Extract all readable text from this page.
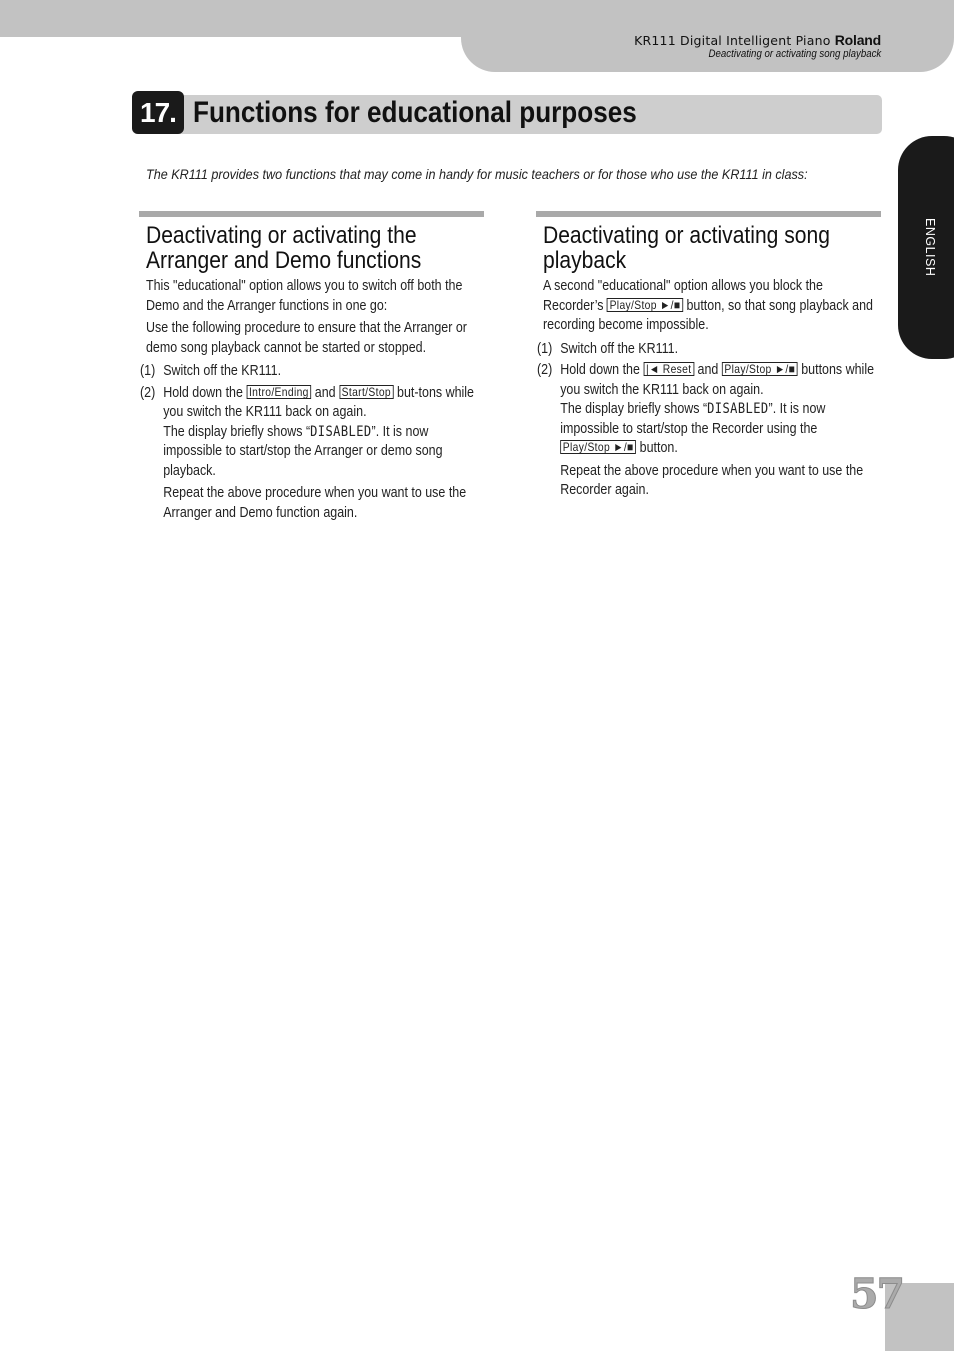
KR111 Digital Intelligent Piano Roland
Deactivating or activating song playback
17. Functions for educational purposes
The KR111 provides two functions that may come in handy for music teachers or for those who use the KR111 in class:
ENGLISH
Deactivating or activating the Arranger and Demo functions
This "educational" option allows you to switch off both the Demo and the Arranger functions in one go:
Use the following procedure to ensure that the Arranger or demo song playback cannot be started or stopped.
(1) Switch off the KR111.
(2) Hold down the Intro/Ending and Start/Stop but-tons while you switch the KR111 back on again.
The display briefly shows “DISABLED”. It is now impossible to start/stop the Arranger or demo song playback.
Repeat the above procedure when you want to use the Arranger and Demo function again.
Deactivating or activating song playback
A second "educational" option allows you block the Recorder’s Play/Stop ►/■ button, so that song playback and recording become impossible.
(1) Switch off the KR111.
(2) Hold down the |◄ Reset and Play/Stop ►/■ buttons while you switch the KR111 back on again.
The display briefly shows “DISABLED”. It is now impossible to start/stop the Recorder using the Play/Stop ►/■ button.
Repeat the above procedure when you want to use the Recorder again.
57
